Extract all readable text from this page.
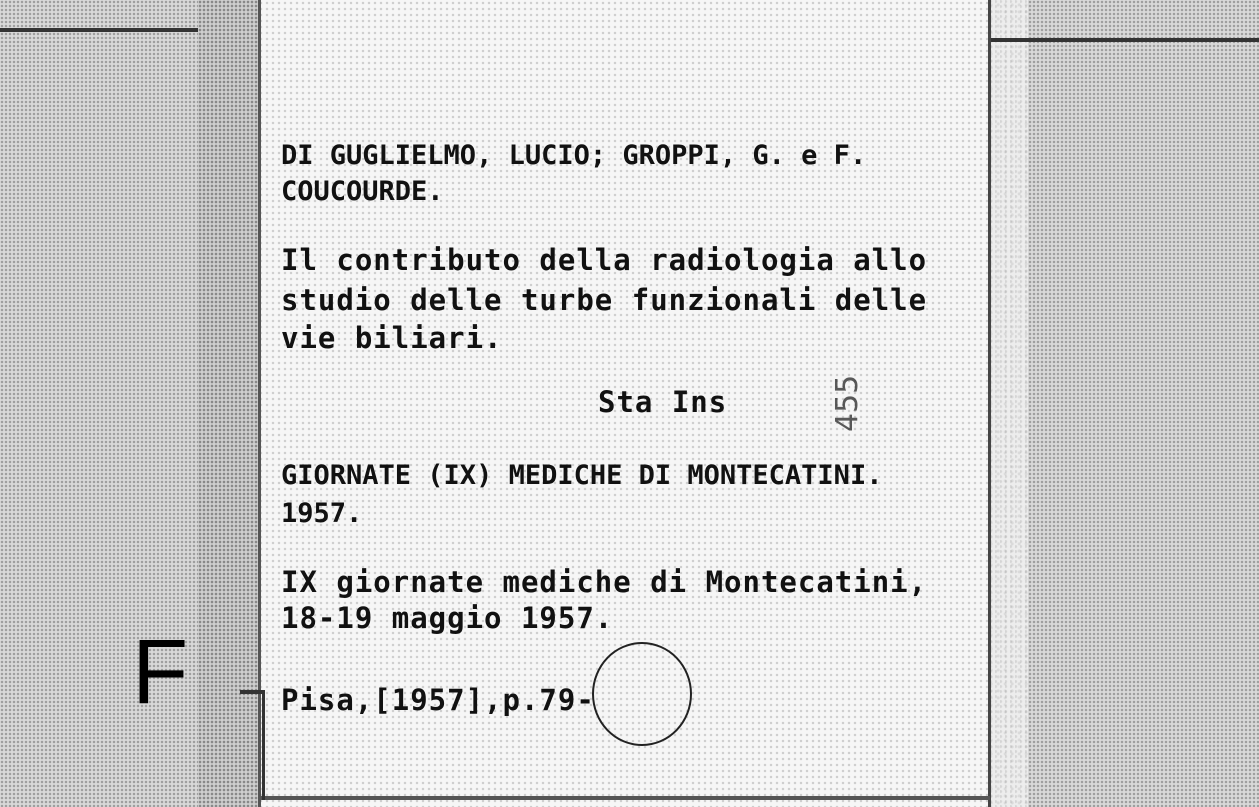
DI GUGLIELMO, LUCIO; GROPPI, G. e F.
COUCOURDE.
Il contributo della radiologia allo
studio delle turbe funzionali delle
vie biliari.
Sta Ins	455
GIORNATE (IX) MEDICHE DI MONTECATINI.
1957.
IX giornate mediche di Montecatini,
18-19 maggio 1957.
Pisa,[1957],p.79-
F
